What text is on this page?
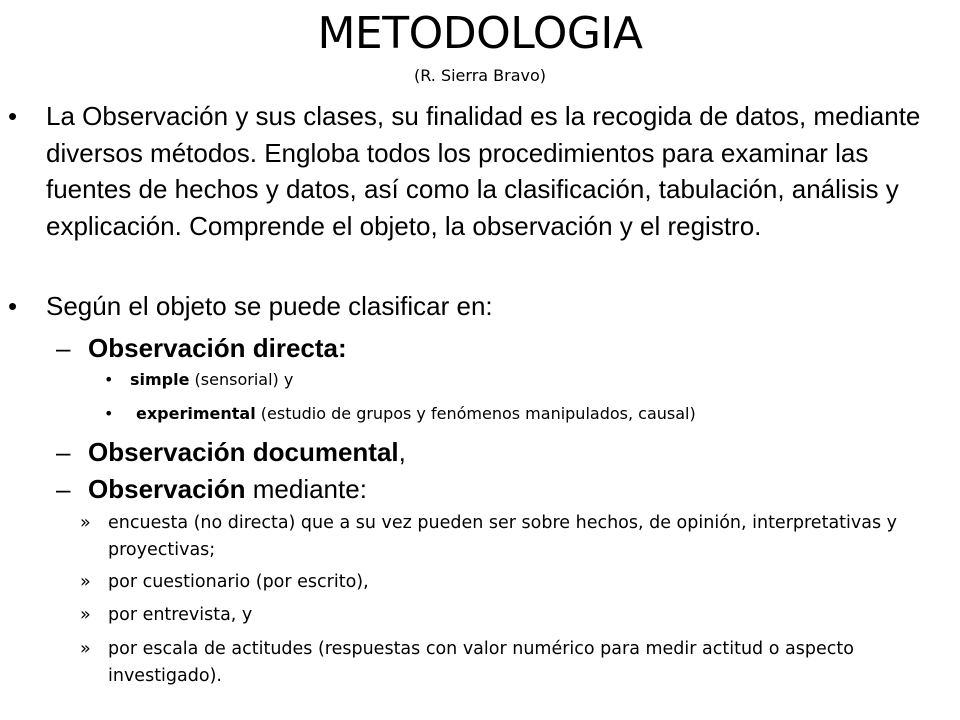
METODOLOGIA
(R. Sierra Bravo)
• La Observación y sus clases, su finalidad es la recogida de datos, mediante diversos métodos. Engloba todos los procedimientos para examinar las fuentes de hechos y datos, así como la clasificación, tabulación, análisis y explicación. Comprende el objeto, la observación y el registro.
• Según el objeto se puede clasificar en:
– Observación directa:
• simple (sensorial) y
• experimental (estudio de grupos y fenómenos manipulados, causal)
– Observación documental,
– Observación mediante:
» encuesta (no directa) que a su vez pueden ser sobre hechos, de opinión, interpretativas y proyectivas;
» por cuestionario (por escrito),
» por entrevista, y
» por escala de actitudes (respuestas con valor numérico para medir actitud o aspecto investigado).
